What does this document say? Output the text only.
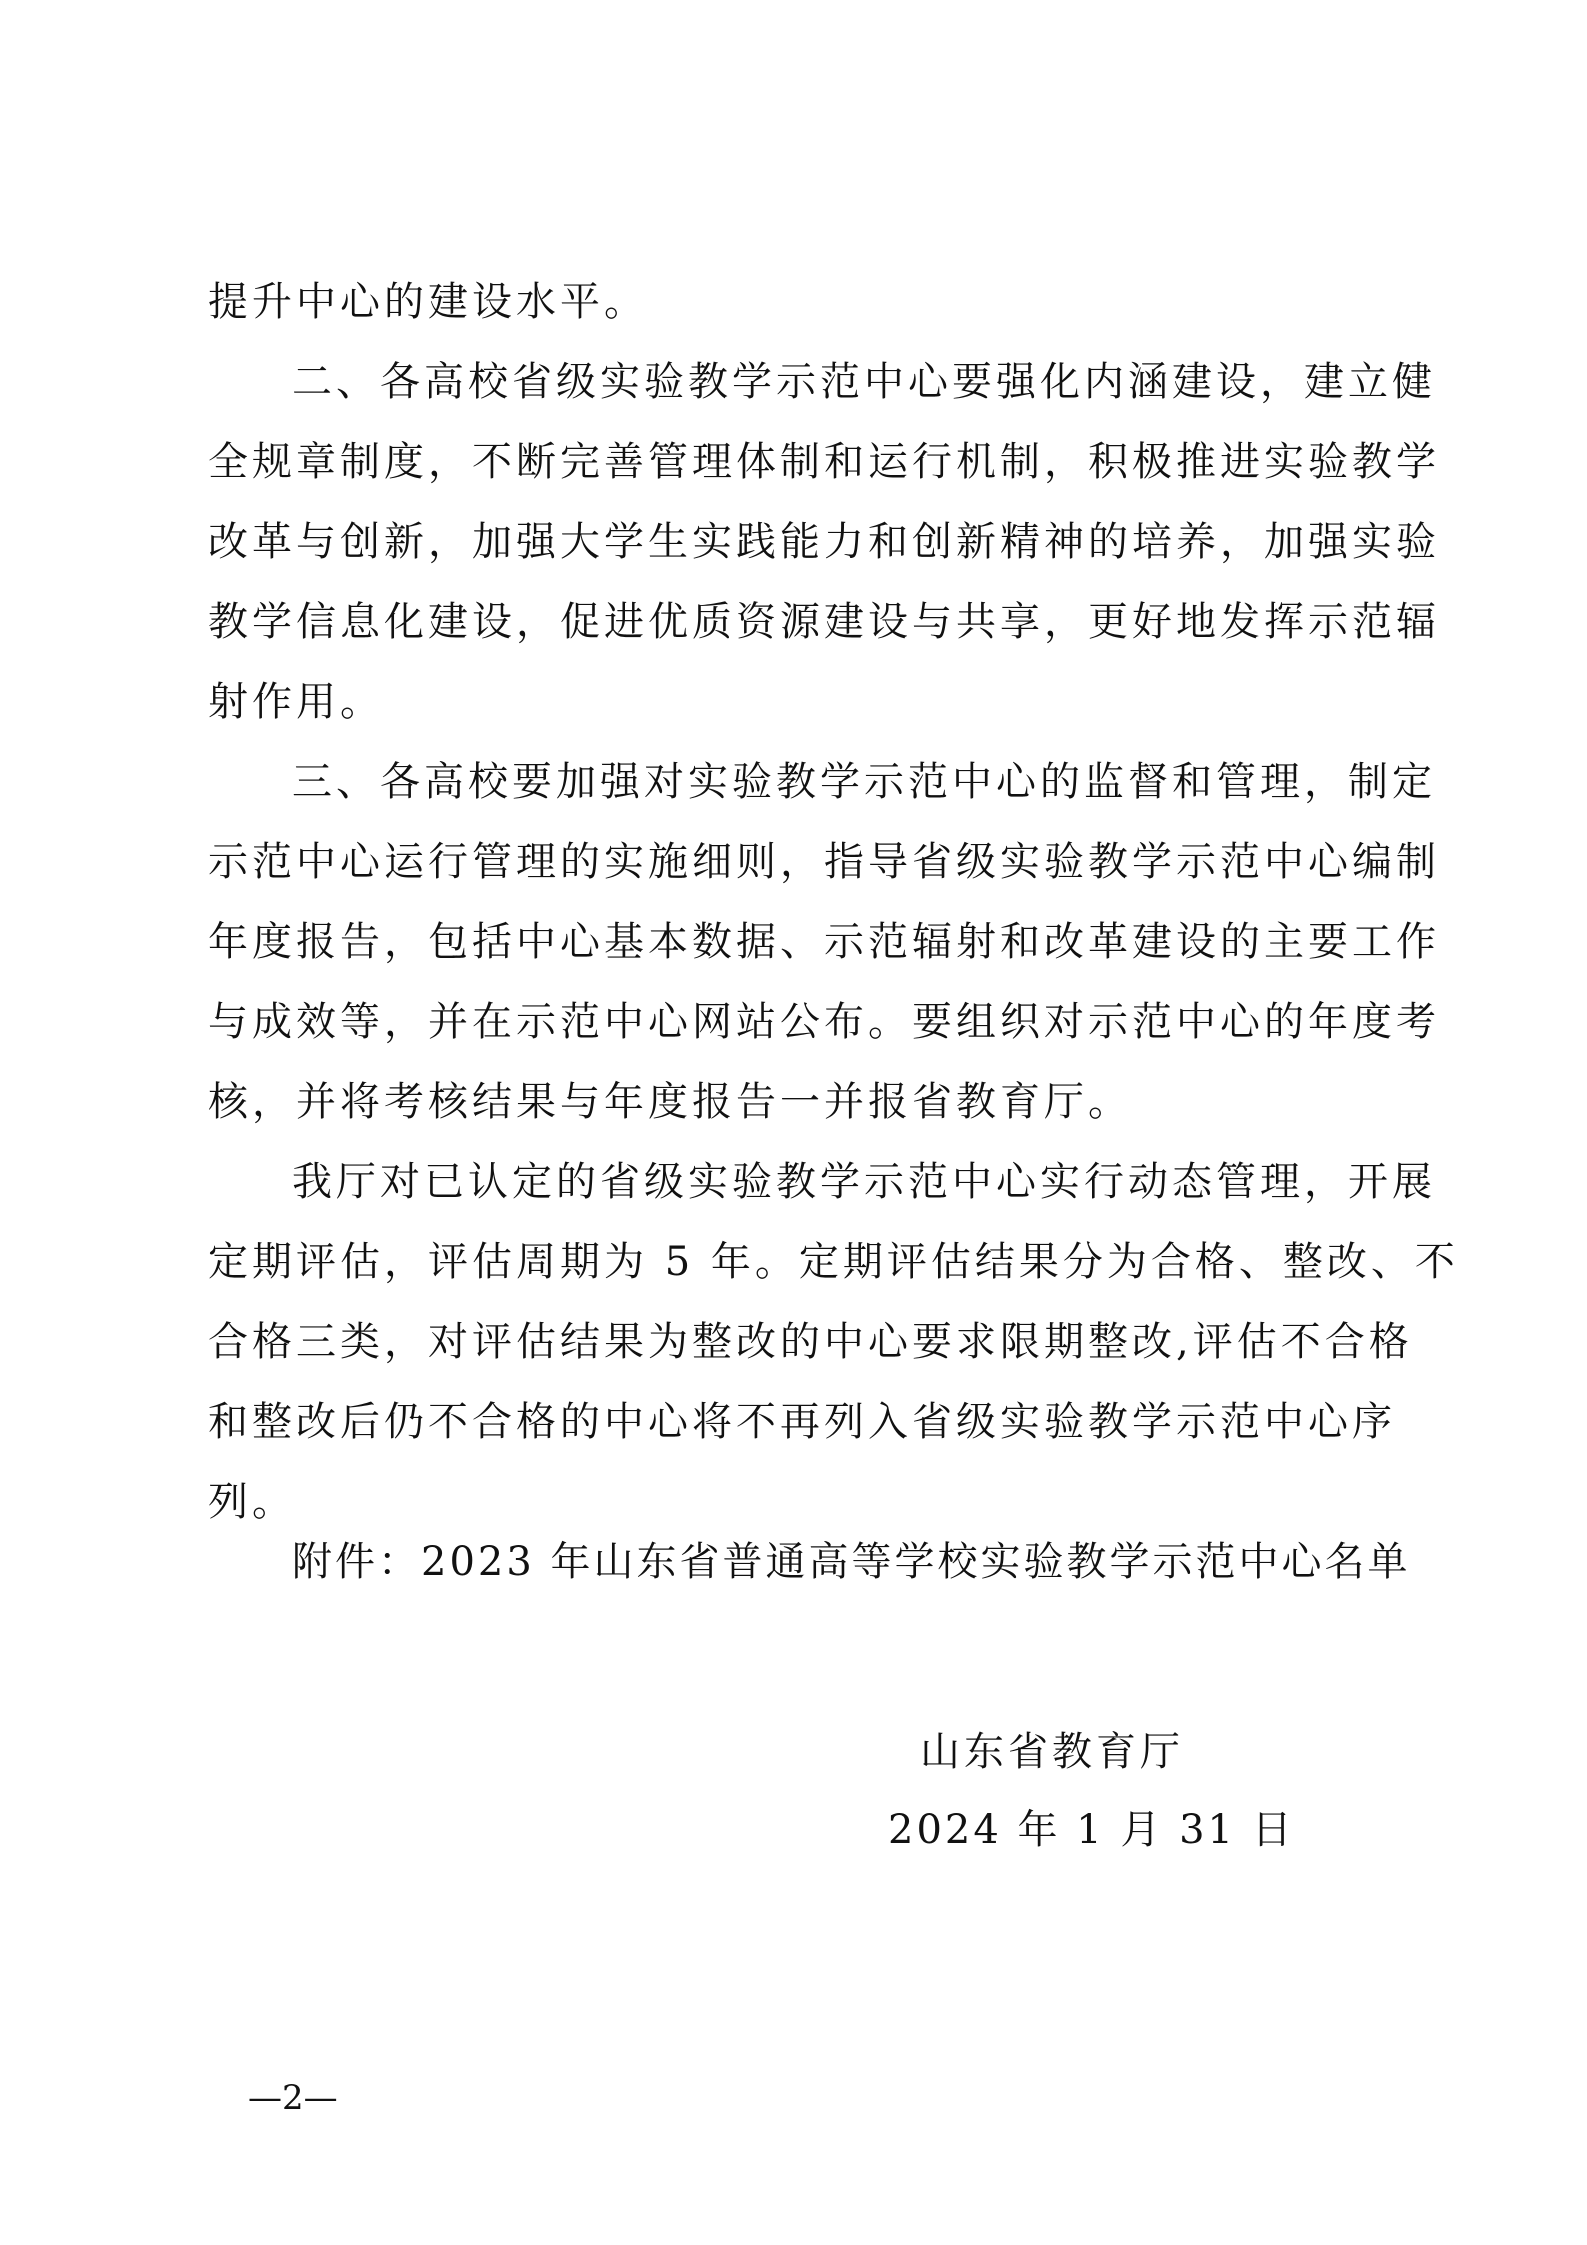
提升中心的建设水平。
二、各高校省级实验教学示范中心要强化内涵建设，建立健
全规章制度，不断完善管理体制和运行机制，积极推进实验教学
改革与创新，加强大学生实践能力和创新精神的培养，加强实验
教学信息化建设，促进优质资源建设与共享，更好地发挥示范辐
射作用。
三、各高校要加强对实验教学示范中心的监督和管理，制定
示范中心运行管理的实施细则，指导省级实验教学示范中心编制
年度报告，包括中心基本数据、示范辐射和改革建设的主要工作
与成效等，并在示范中心网站公布。要组织对示范中心的年度考
核，并将考核结果与年度报告一并报省教育厅。
我厅对已认定的省级实验教学示范中心实行动态管理，开展
定期评估，评估周期为 5 年。定期评估结果分为合格、整改、不
合格三类，对评估结果为整改的中心要求限期整改,评估不合格
和整改后仍不合格的中心将不再列入省级实验教学示范中心序
列。
附件：2023 年山东省普通高等学校实验教学示范中心名单
山东省教育厅
2024 年 1 月 31 日
—2—
